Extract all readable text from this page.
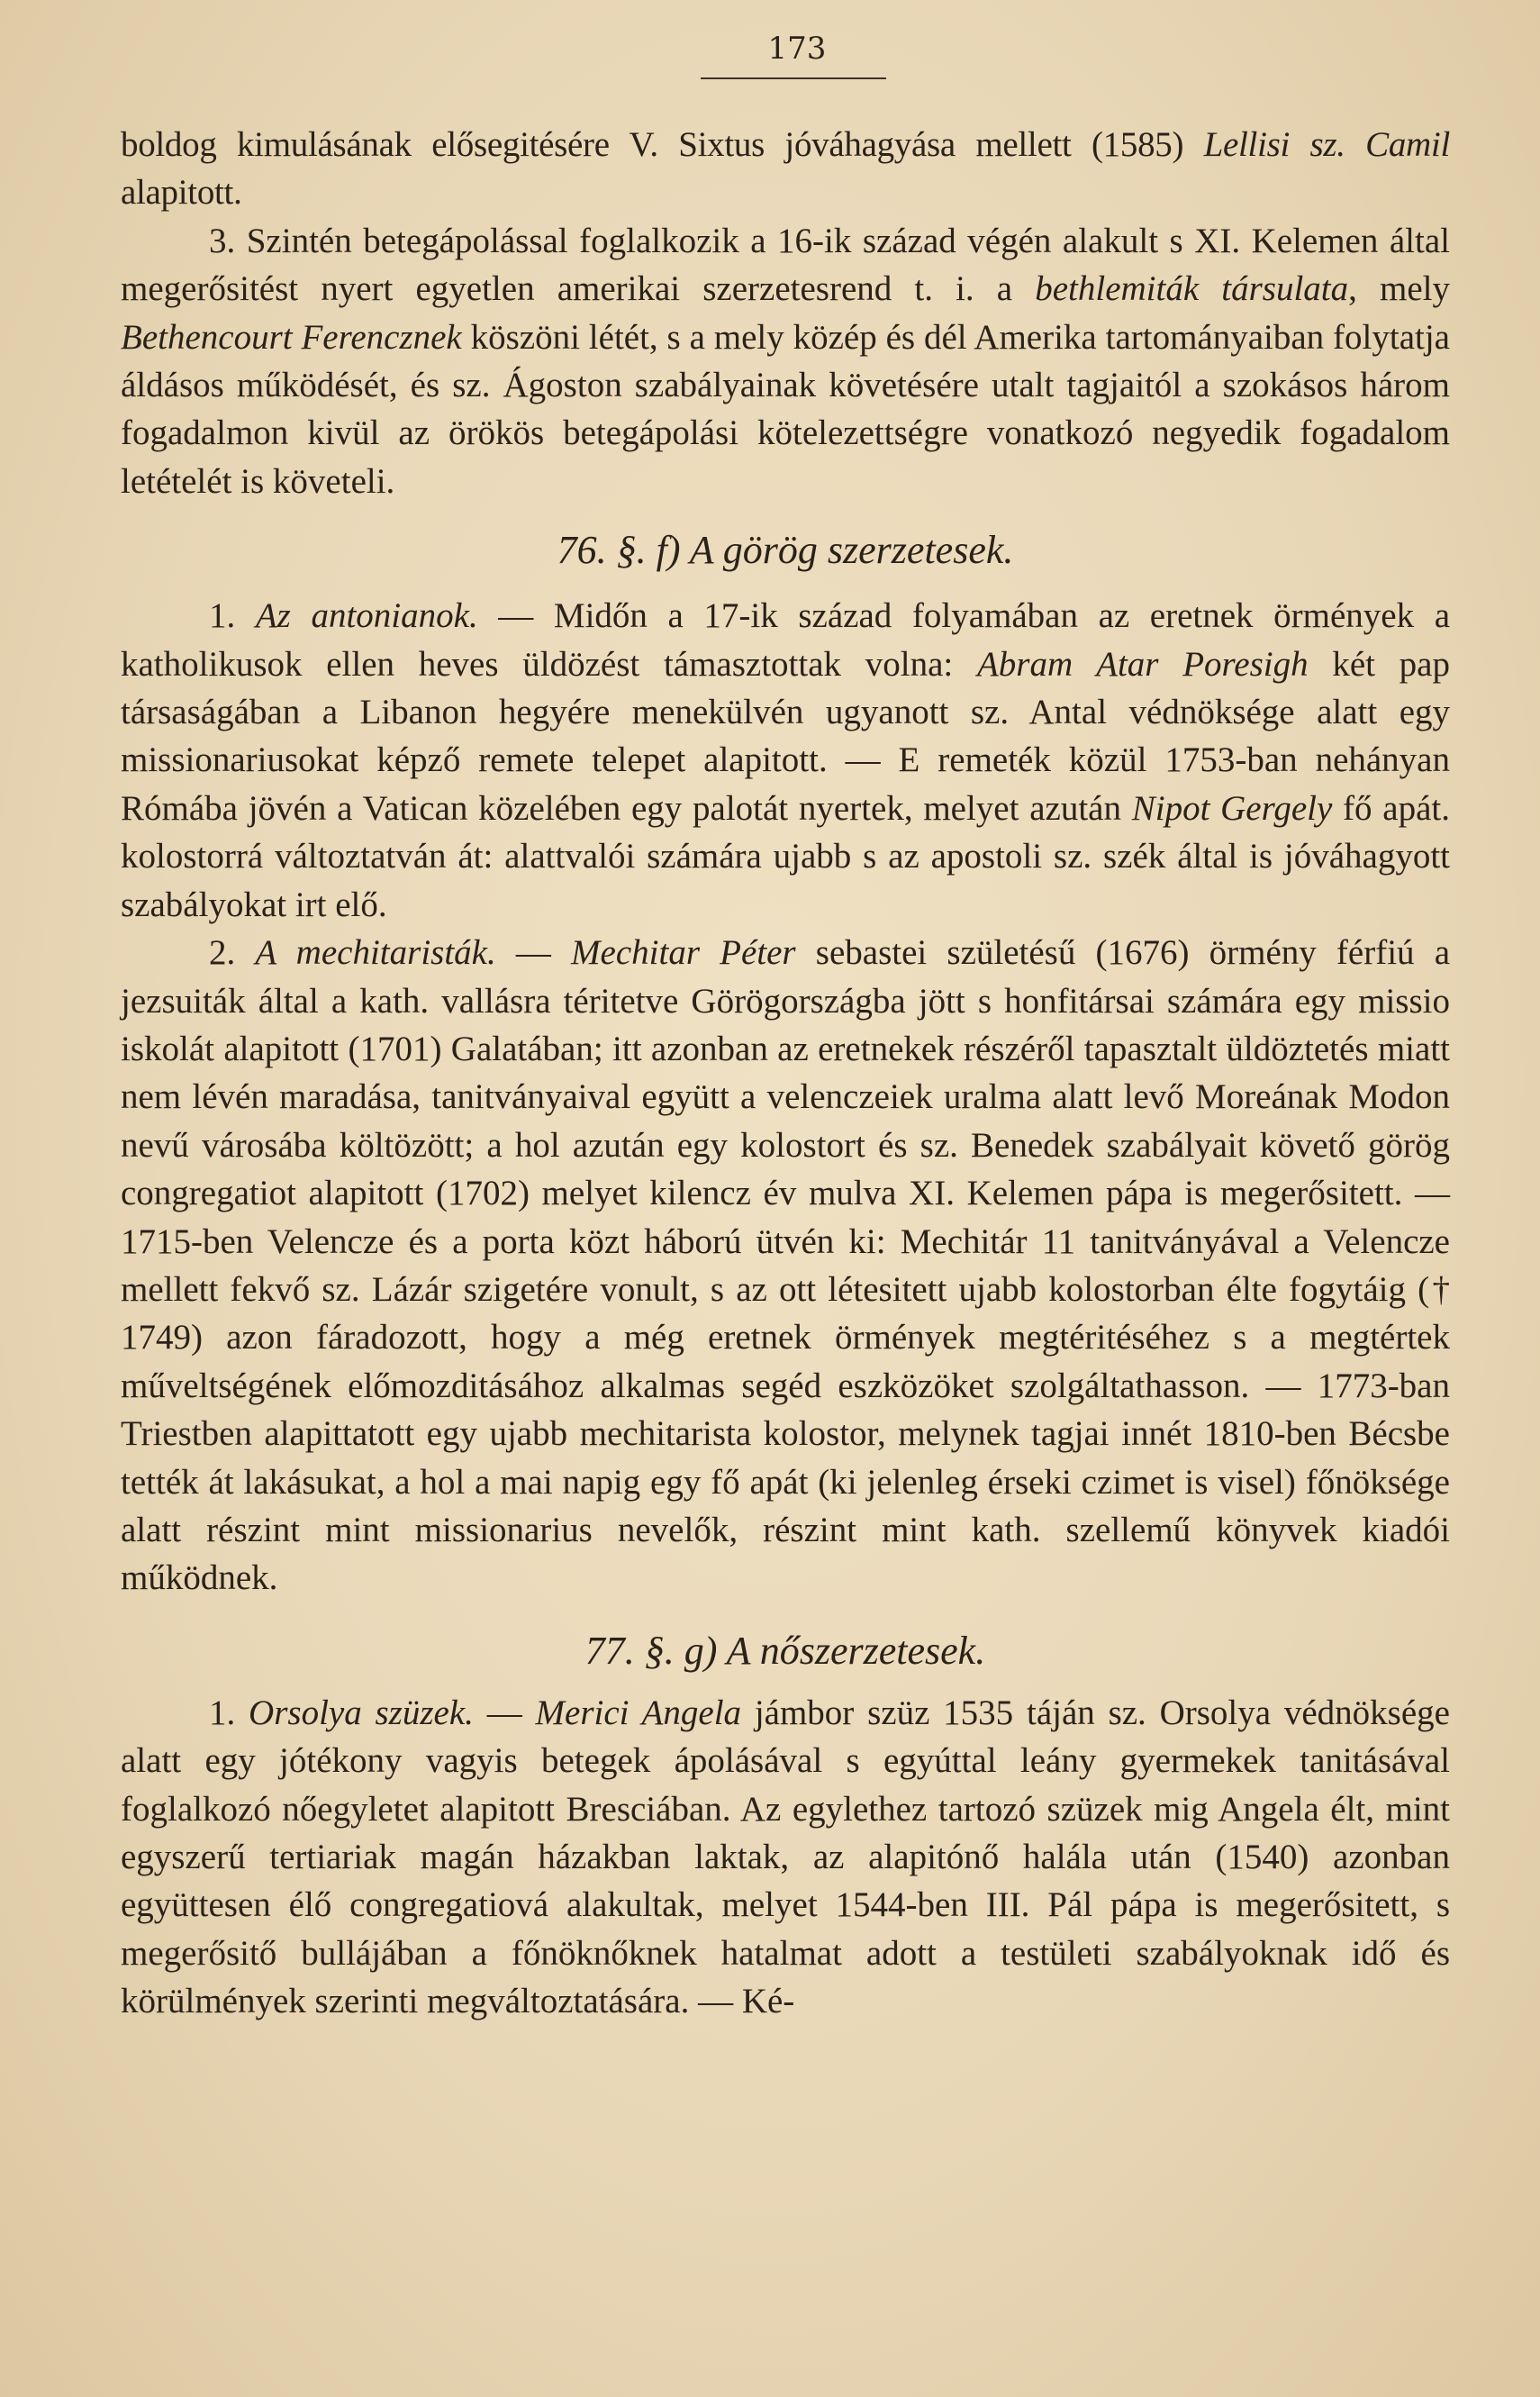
173

boldog kimulásának elősegitésére V. Sixtus jóváhagyása mellett (1585) Lellisi sz. Camil alapitott.

3. Szintén betegápolással foglalkozik a 16-ik század végén alakult s XI. Kelemen által megerősitést nyert egyetlen amerikai szerzetesrend t. i. a bethlemiták társulata, mely Bethencourt Ferencznek köszöni létét, s a mely közép és dél Amerika tartományaiban folytatja áldásos működését, és sz. Ágoston szabályainak követésére utalt tagjaitól a szokásos három fogadalmon kivül az örökös betegápolási kötelezettségre vonatkozó negyedik fogadalom letételét is követeli.

76. §. f) A görög szerzetesek.

1. Az antonianok. — Midőn a 17-ik század folyamában az eretnek örmények a katholikusok ellen heves üldözést támasztottak volna: Abram Atar Poresigh két pap társaságában a Libanon hegyére menekülvén ugyanott sz. Antal védnöksége alatt egy missionariusokat képző remete telepet alapitott. — E remeték közül 1753-ban nehányan Rómába jövén a Vatican közelében egy palotát nyertek, melyet azután Nipot Gergely fő apát. kolostorrá változtatván át: alattvalói számára ujabb s az apostoli sz. szék által is jóváhagyott szabályokat irt elő.

2. A mechitaristák. — Mechitar Péter sebastei születésű (1676) örmény férfiú a jezsuiták által a kath. vallásra téritetve Görögországba jött s honfitársai számára egy missio iskolát alapitott (1701) Galatában; itt azonban az eretnekek részéről tapasztalt üldöztetés miatt nem lévén maradása, tanitványaival együtt a velenczeiek uralma alatt levő Moreának Modon nevű városába költözött; a hol azután egy kolostort és sz. Benedek szabályait követő görög congregatiot alapitott (1702) melyet kilencz év mulva XI. Kelemen pápa is megerősitett. — 1715-ben Velencze és a porta közt háború ütvén ki: Mechitár 11 tanitványával a Velencze mellett fekvő sz. Lázár szigetére vonult, s az ott létesitett ujabb kolostorban élte fogytáig († 1749) azon fáradozott, hogy a még eretnek örmények megtéritéséhez s a megtértek műveltségének előmozditásához alkalmas segéd eszközöket szolgáltathasson. — 1773-ban Triestben alapittatott egy ujabb mechitarista kolostor, melynek tagjai innét 1810-ben Bécsbe tették át lakásukat, a hol a mai napig egy fő apát (ki jelenleg érseki czimet is visel) főnöksége alatt részint mint missionarius nevelők, részint mint kath. szellemű könyvek kiadói működnek.

77. §. g) A nőszerzetesek.

1. Orsolya szüzek. — Merici Angela jámbor szüz 1535 táján sz. Orsolya védnöksége alatt egy jótékony vagyis betegek ápolásával s egyúttal leány gyermekek tanitásával foglalkozó nőegyletet alapitott Bresciában. Az egylethez tartozó szüzek mig Angela élt, mint egyszerű tertiariak magán házakban laktak, az alapitónő halála után (1540) azonban együttesen élő congregatiová alakultak, melyet 1544-ben III. Pál pápa is megerősitett, s megerősitő bullájában a főnöknőknek hatalmat adott a testületi szabályoknak idő és körülmények szerinti megváltoztatására. — Ké-
